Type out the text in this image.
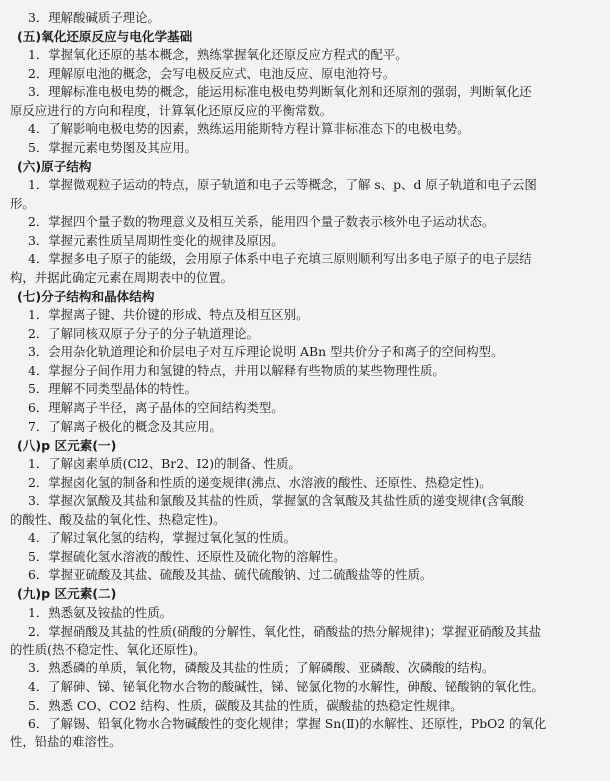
3．理解酸碱质子理论。
(五)氧化还原反应与电化学基础
1．掌握氧化还原的基本概念，熟练掌握氧化还原反应方程式的配平。
2．理解原电池的概念，会写电极反应式、电池反应、原电池符号。
3．理解标准电极电势的概念，能运用标准电极电势判断氧化剂和还原剂的强弱，判断氧化还
原反应进行的方向和程度，计算氧化还原反应的平衡常数。
4．了解影响电极电势的因素，熟练运用能斯特方程计算非标准态下的电极电势。
5．掌握元素电势图及其应用。
(六)原子结构
1．掌握微观粒子运动的特点，原子轨道和电子云等概念，了解 s、p、d 原子轨道和电子云图
形。
2．掌握四个量子数的物理意义及相互关系，能用四个量子数表示核外电子运动状态。
3．掌握元素性质呈周期性变化的规律及原因。
4．掌握多电子原子的能级，会用原子体系中电子充填三原则顺利写出多电子原子的电子层结
构，并据此确定元素在周期表中的位置。
(七)分子结构和晶体结构
1．掌握离子键、共价键的形成、特点及相互区别。
2．了解同核双原子分子的分子轨道理论。
3．会用杂化轨道理论和价层电子对互斥理论说明 ABn 型共价分子和离子的空间构型。
4．掌握分子间作用力和氢键的特点，并用以解释有些物质的某些物理性质。
5．理解不同类型晶体的特性。
6．理解离子半径，离子晶体的空间结构类型。
7．了解离子极化的概念及其应用。
(八)p 区元素(一)
1．了解卤素单质(Cl2、Br2、I2)的制备、性质。
2．掌握卤化氢的制备和性质的递变规律(沸点、水溶液的酸性、还原性、热稳定性)。
3．掌握次氯酸及其盐和氯酸及其盐的性质，掌握氯的含氧酸及其盐性质的递变规律(含氧酸
的酸性、酸及盐的氧化性、热稳定性)。
4．了解过氧化氢的结构，掌握过氧化氢的性质。
5．掌握硫化氢水溶液的酸性、还原性及硫化物的溶解性。
6．掌握亚硫酸及其盐、硫酸及其盐、硫代硫酸钠、过二硫酸盐等的性质。
(九)p 区元素(二)
1．熟悉氨及铵盐的性质。
2．掌握硝酸及其盐的性质(硝酸的分解性、氧化性，硝酸盐的热分解规律)；掌握亚硝酸及其盐
的性质(热不稳定性、氧化还原性)。
3．熟悉磷的单质，氧化物，磷酸及其盐的性质；了解磷酸、亚磷酸、次磷酸的结构。
4．了解砷、锑、铋氧化物水合物的酸碱性，锑、铋氯化物的水解性，砷酸、铋酸钠的氧化性。
5．熟悉 CO、CO2 结构、性质，碳酸及其盐的性质，碳酸盐的热稳定性规律。
6．了解锡、铅氧化物水合物碱酸性的变化规律；掌握 Sn(Ⅱ)的水解性、还原性，PbO2 的氧化
性，铅盐的难溶性。
